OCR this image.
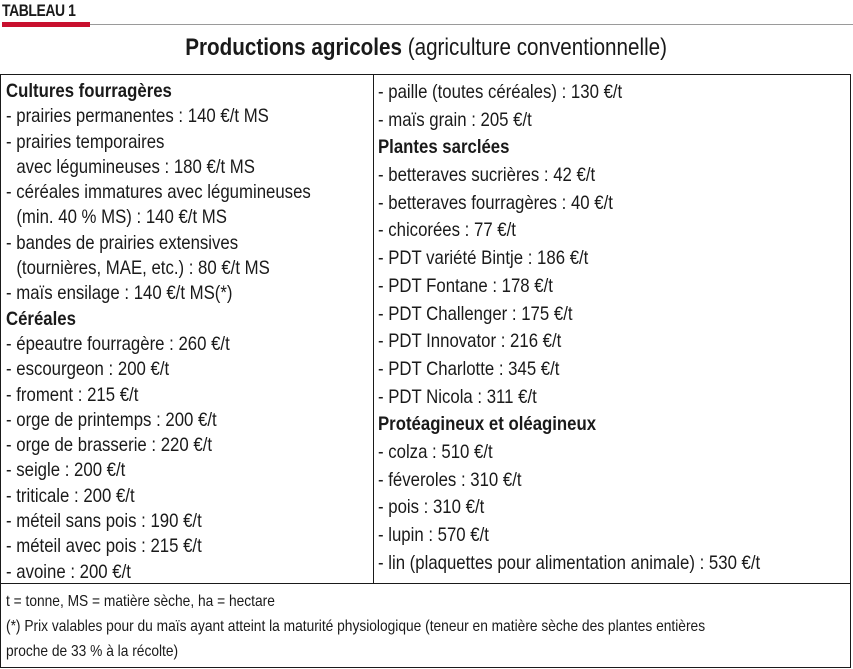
TABLEAU 1
Productions agricoles (agriculture conventionnelle)
Cultures fourragères
- prairies permanentes : 140 €/t MS
- prairies temporaires
avec légumineuses : 180 €/t MS
- céréales immatures avec légumineuses
(min. 40 % MS) : 140 €/t MS
- bandes de prairies extensives
(tournières, MAE, etc.) : 80 €/t MS
- maïs ensilage : 140 €/t MS(*)
Céréales
- épeautre fourragère : 260 €/t
- escourgeon : 200 €/t
- froment : 215 €/t
- orge de printemps : 200 €/t
- orge de brasserie : 220 €/t
- seigle : 200 €/t
- triticale : 200 €/t
- méteil sans pois : 190 €/t
- méteil avec pois : 215 €/t
- avoine : 200 €/t
- paille (toutes céréales) : 130 €/t
- maïs grain : 205 €/t
Plantes sarclées
- betteraves sucrières : 42 €/t
- betteraves fourragères : 40 €/t
- chicorées : 77 €/t
- PDT variété Bintje : 186 €/t
- PDT Fontane : 178 €/t
- PDT Challenger : 175 €/t
- PDT Innovator : 216 €/t
- PDT Charlotte : 345 €/t
- PDT Nicola : 311 €/t
Protéagineux et oléagineux
- colza : 510 €/t
- féveroles : 310 €/t
- pois : 310 €/t
- lupin : 570 €/t
- lin (plaquettes pour alimentation animale) : 530 €/t
t = tonne, MS = matière sèche, ha = hectare
(*) Prix valables pour du maïs ayant atteint la maturité physiologique (teneur en matière sèche des plantes entières
proche de 33 % à la récolte)
